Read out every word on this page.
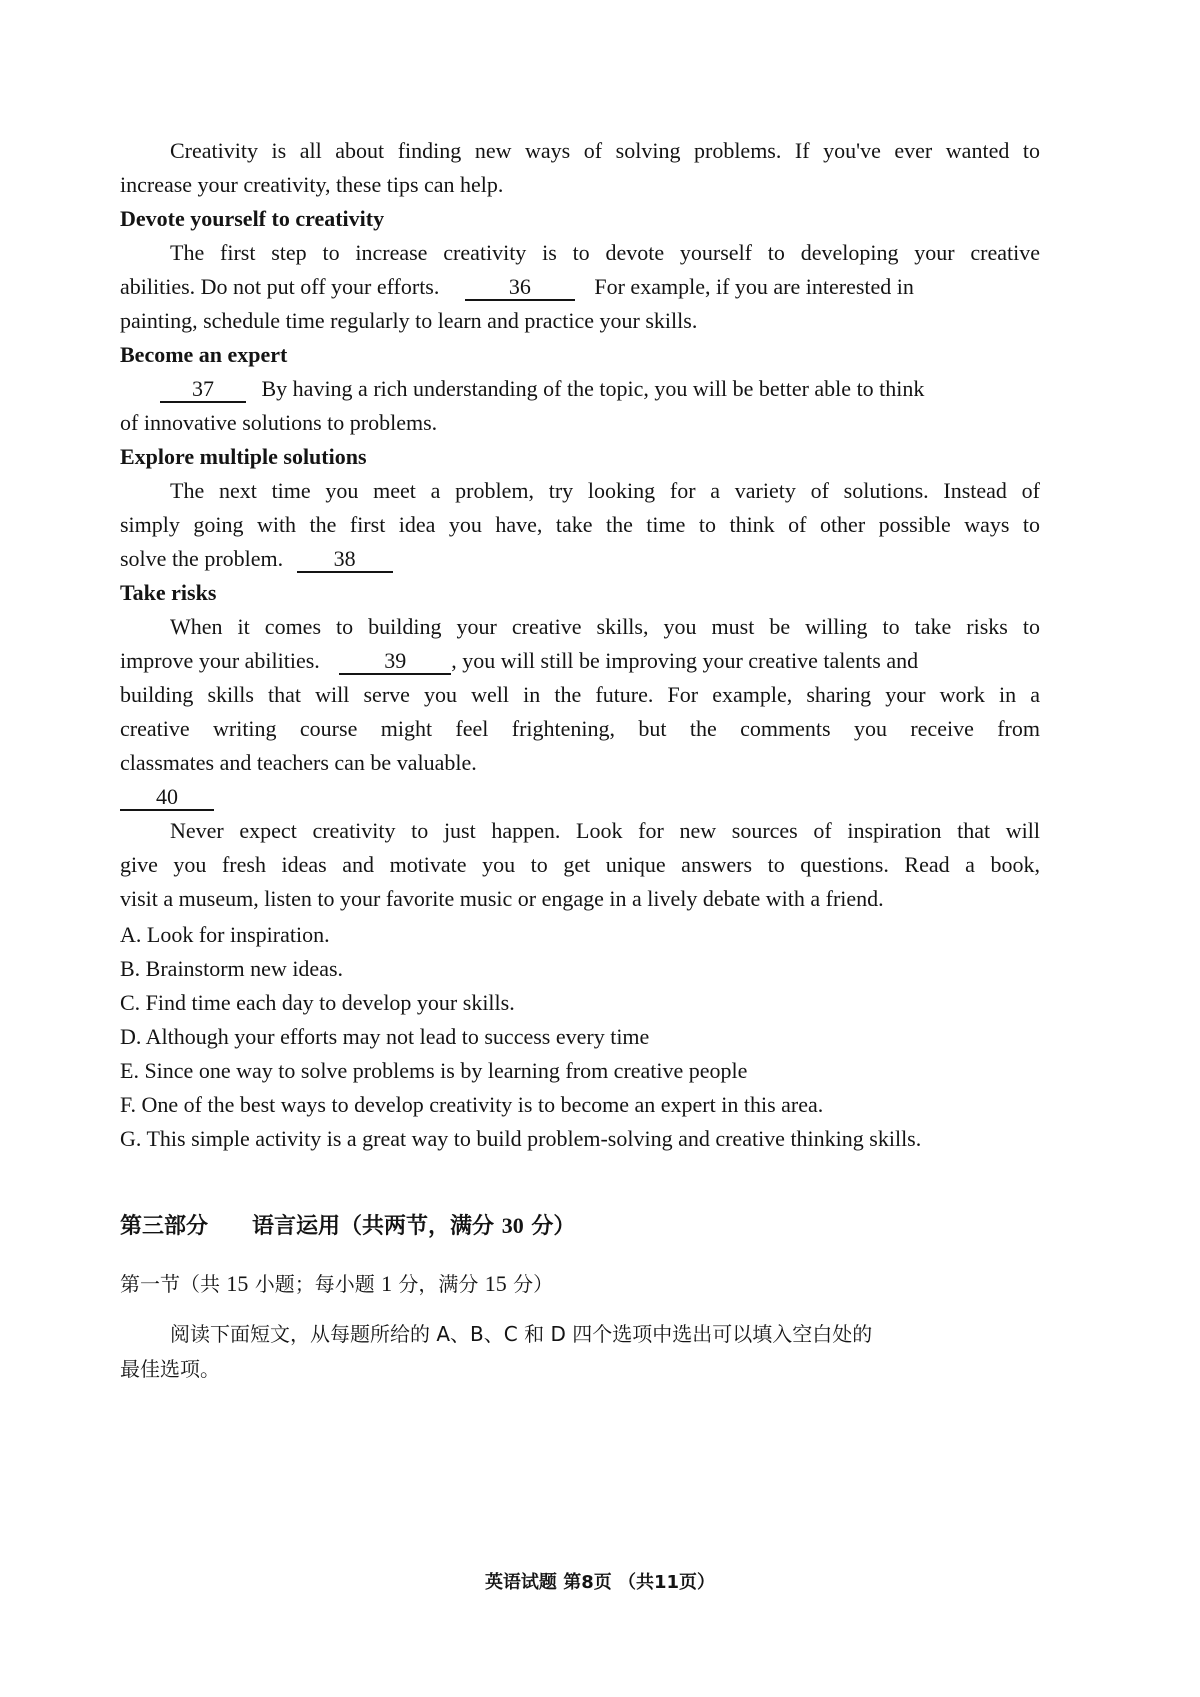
Creativity is all about finding new ways of solving problems. If you've ever wanted to

increase your creativity, these tips can help.

Devote yourself to creativity

The first step to increase creativity is to devote yourself to developing your creative

abilities. Do not put off your efforts.	36	For example, if you are interested in

painting, schedule time regularly to learn and practice your skills.

Become an expert

37 By having a rich understanding of the topic, you will be better able to think

of innovative solutions to problems.

Explore multiple solutions

The next time you meet a problem, try looking for a variety of solutions. Instead of

simply going with the first idea you have, take the time to think of other possible ways to

solve the problem. 38

Take risks

When it comes to building your creative skills, you must be willing to take risks to

improve your abilities.	39 , you will still be improving your creative talents and

building skills that will serve you well in the future. For example, sharing your work in a

creative writing course might feel frightening, but the comments you receive from

classmates and teachers can be valuable.

40

Never expect creativity to just happen. Look for new sources of inspiration that will

give you fresh ideas and motivate you to get unique answers to questions. Read a book,

visit a museum, listen to your favorite music or engage in a lively debate with a friend.

A. Look for inspiration.

B. Brainstorm new ideas.

C. Find time each day to develop your skills.

D. Although your efforts may not lead to success every time

E. Since one way to solve problems is by learning from creative people

F. One of the best ways to develop creativity is to become an expert in this area.

G. This simple activity is a great way to build problem-solving and creative thinking skills.

第三部分 语言运用（共两节，满分 30 分）

第一节（共 15 小题；每小题 1 分，满分 15 分）

阅读下面短文，从每题所给的 A、B、C 和 D 四个选项中选出可以填入空白处的

最佳选项。

英语试题 第8页 （共11页）
